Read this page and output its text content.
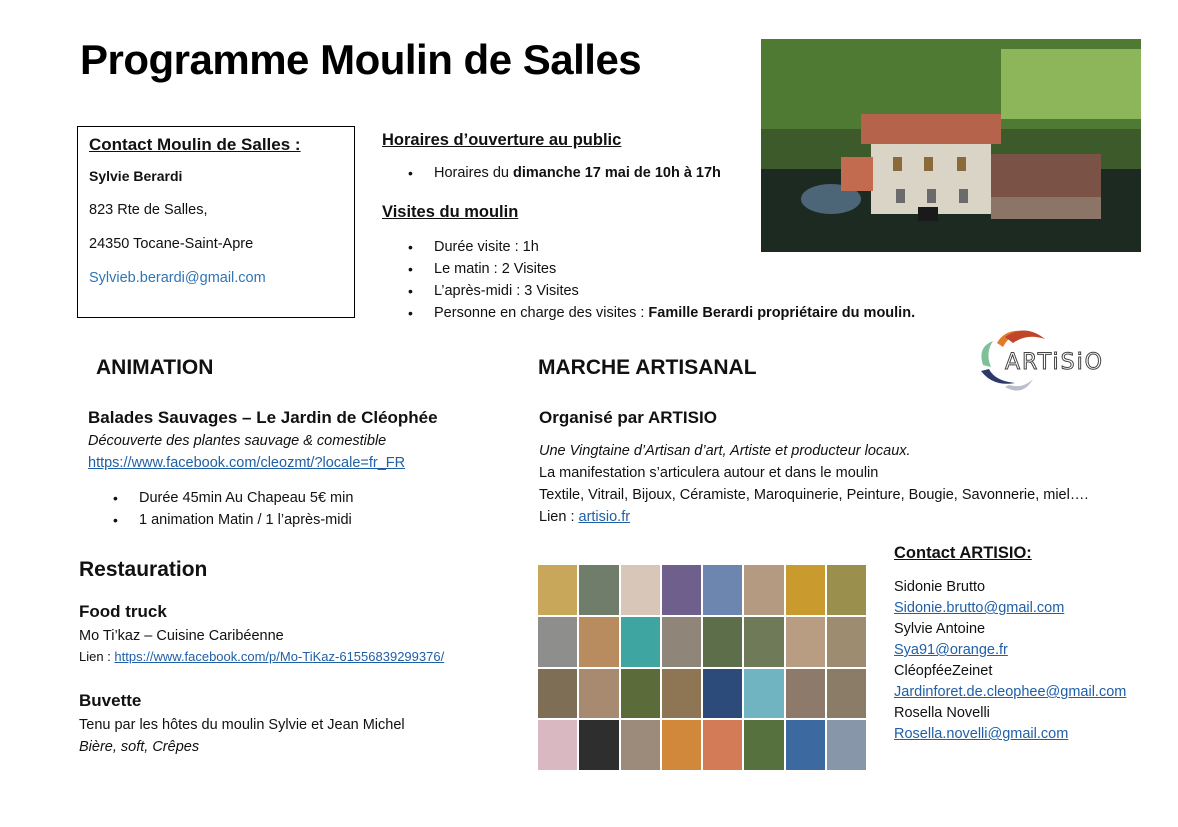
Programme Moulin de Salles
Contact Moulin de Salles :
Sylvie Berardi
823 Rte de Salles,
24350 Tocane-Saint-Apre
Sylvieb.berardi@gmail.com
Horaires d’ouverture au public
• Horaires du dimanche 17 mai de 10h à 17h
Visites du moulin
• Durée visite : 1h
• Le matin : 2 Visites
• L’après-midi : 3 Visites
• Personne en charge des visites : Famille Berardi propriétaire du moulin.
ARTiSiO
ANIMATION
Balades Sauvages – Le Jardin de Cléophée
Découverte des plantes sauvage & comestible
https://www.facebook.com/cleozmt/?locale=fr_FR
• Durée 45min Au Chapeau 5€ min
• 1 animation Matin / 1 l’après-midi
Restauration
Food truck
Mo Ti’kaz – Cuisine Caribéenne
Lien : https://www.facebook.com/p/Mo-TiKaz-61556839299376/
Buvette
Tenu par les hôtes du moulin Sylvie et Jean Michel
Bière, soft, Crêpes
MARCHE ARTISANAL
Organisé par ARTISIO
Une Vingtaine d’Artisan d’art, Artiste et producteur locaux.
La manifestation s’articulera autour et dans le moulin
Textile, Vitrail, Bijoux, Céramiste, Maroquinerie, Peinture, Bougie, Savonnerie, miel….
Lien : artisio.fr
Contact ARTISIO:
Sidonie Brutto
Sidonie.brutto@gmail.com
Sylvie Antoine
Sya91@orange.fr
CléopféeZeinet
Jardinforet.de.cleophee@gmail.com
Rosella Novelli
Rosella.novelli@gmail.com
